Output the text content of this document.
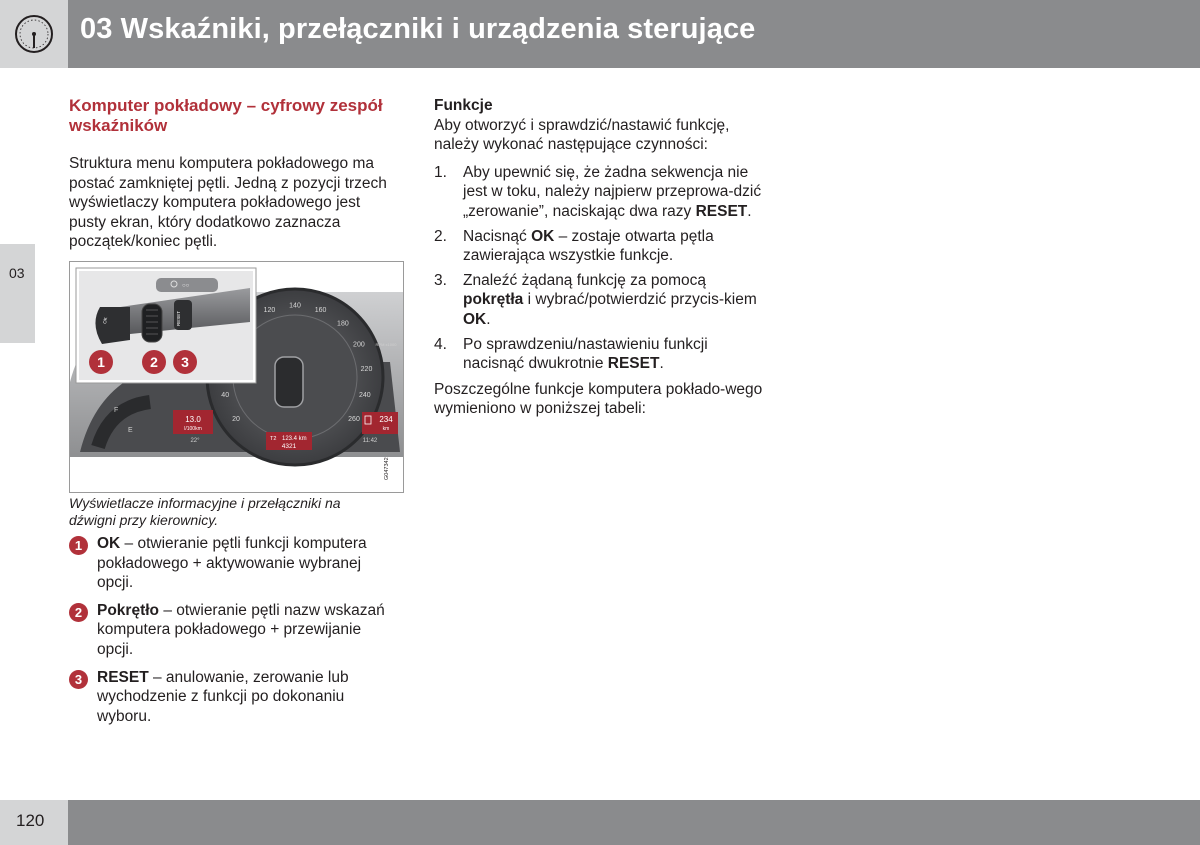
03 Wskaźniki, przełączniki i urządzenia sterujące
03
Komputer pokładowy – cyfrowy zespół wskaźników

Struktura menu komputera pokładowego ma postać zamkniętej pętli. Jedną z pozycji trzech wyświetlaczy komputera pokładowego jest pusty ekran, który dodatkowo zaznacza początek/koniec pętli.

20
40
120
140
160
180
200
220
240
260
F
E
13.0
l/100km
22°	T2 123.4 km
4321
234
km
11:42
RPM x1000
G047342
○○
OK	RESET
1	2 3
Wyświetlacze informacyjne i przełączniki na dźwigni przy kierownicy.
1 OK – otwieranie pętli funkcji komputera pokładowego + aktywowanie wybranej opcji.
2 Pokrętło – otwieranie pętli nazw wskazań komputera pokładowego + przewijanie opcji.
3 RESET – anulowanie, zerowanie lub wychodzenie z funkcji po dokonaniu wyboru.
Funkcje

Aby otworzyć i sprawdzić/nastawić funkcję, należy wykonać następujące czynności:

1. Aby upewnić się, że żadna sekwencja nie jest w toku, należy najpierw przeprowa-dzić „zerowanie”, naciskając dwa razy RESET.
2. Nacisnąć OK – zostaje otwarta pętla zawierająca wszystkie funkcje.
3. Znaleźć żądaną funkcję za pomocą pokrętła i wybrać/potwierdzić przycis-kiem OK.
4. Po sprawdzeniu/nastawieniu funkcji nacisnąć dwukrotnie RESET.

Poszczególne funkcje komputera pokłado-wego wymieniono w poniższej tabeli:

120
